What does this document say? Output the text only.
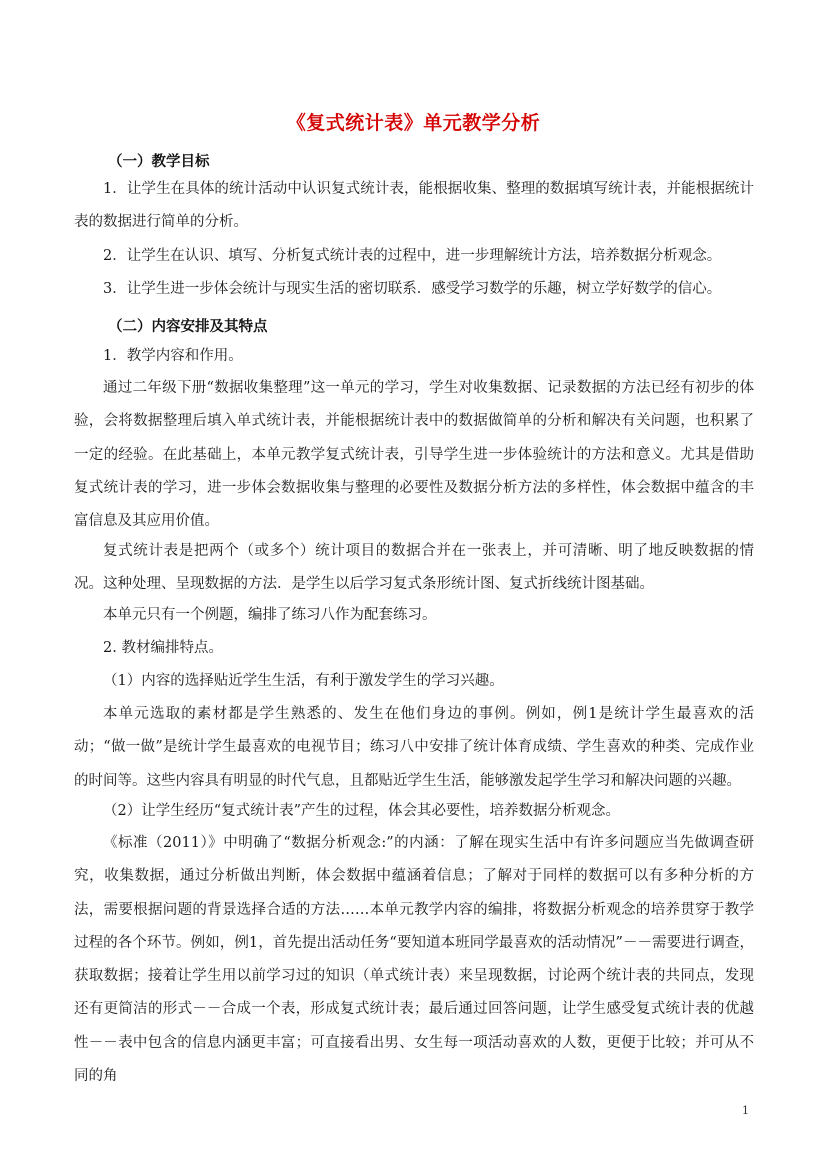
《复式统计表》单元教学分析
（一）教学目标

1．让学生在具体的统计活动中认识复式统计表，能根据收集、整理的数据填写统计表，并能根据统计表的数据进行简单的分析。

2．让学生在认识、填写、分析复式统计表的过程中，进一步理解统计方法，培养数据分析观念。

3．让学生进一步体会统计与现实生活的密切联系．感受学习数学的乐趣，树立学好数学的信心。

（二）内容安排及其特点

1．教学内容和作用。

通过二年级下册“数据收集整理”这一单元的学习，学生对收集数据、记录数据的方法已经有初步的体验，会将数据整理后填入单式统计表，并能根据统计表中的数据做简单的分析和解决有关问题，也积累了一定的经验。在此基础上，本单元教学复式统计表，引导学生进一步体验统计的方法和意义。尤其是借助复式统计表的学习，进一步体会数据收集与整理的必要性及数据分析方法的多样性，体会数据中蕴含的丰富信息及其应用价值。

复式统计表是把两个（或多个）统计项目的数据合并在一张表上，并可清晰、明了地反映数据的情况。这种处理、呈现数据的方法．是学生以后学习复式条形统计图、复式折线统计图基础。

本单元只有一个例题，编排了练习八作为配套练习。

2. 教材编排特点。

（1）内容的选择贴近学生生活，有利于激发学生的学习兴趣。

本单元选取的素材都是学生熟悉的、发生在他们身边的事例。例如，例1是统计学生最喜欢的活动；“做一做”是统计学生最喜欢的电视节目；练习八中安排了统计体育成绩、学生喜欢的种类、完成作业的时间等。这些内容具有明显的时代气息，且都贴近学生生活，能够激发起学生学习和解决问题的兴趣。

（2）让学生经历“复式统计表”产生的过程，体会其必要性，培养数据分析观念。

《标准（2011）》中明确了“数据分析观念:”的内涵：了解在现实生活中有许多问题应当先做调查研究，收集数据，通过分析做出判断，体会数据中蕴涵着信息；了解对于同样的数据可以有多种分析的方法，需要根据问题的背景选择合适的方法……本单元教学内容的编排，将数据分析观念的培养贯穿于教学过程的各个环节。例如，例1，首先提出活动任务“要知道本班同学最喜欢的活动情况”－－需要进行调查，获取数据；接着让学生用以前学习过的知识（单式统计表）来呈现数据，讨论两个统计表的共同点，发现还有更简洁的形式－－合成一个表，形成复式统计表；最后通过回答问题，让学生感受复式统计表的优越性－－表中包含的信息内涵更丰富；可直接看出男、女生每一项活动喜欢的人数，更便于比较；并可从不同的角

1
